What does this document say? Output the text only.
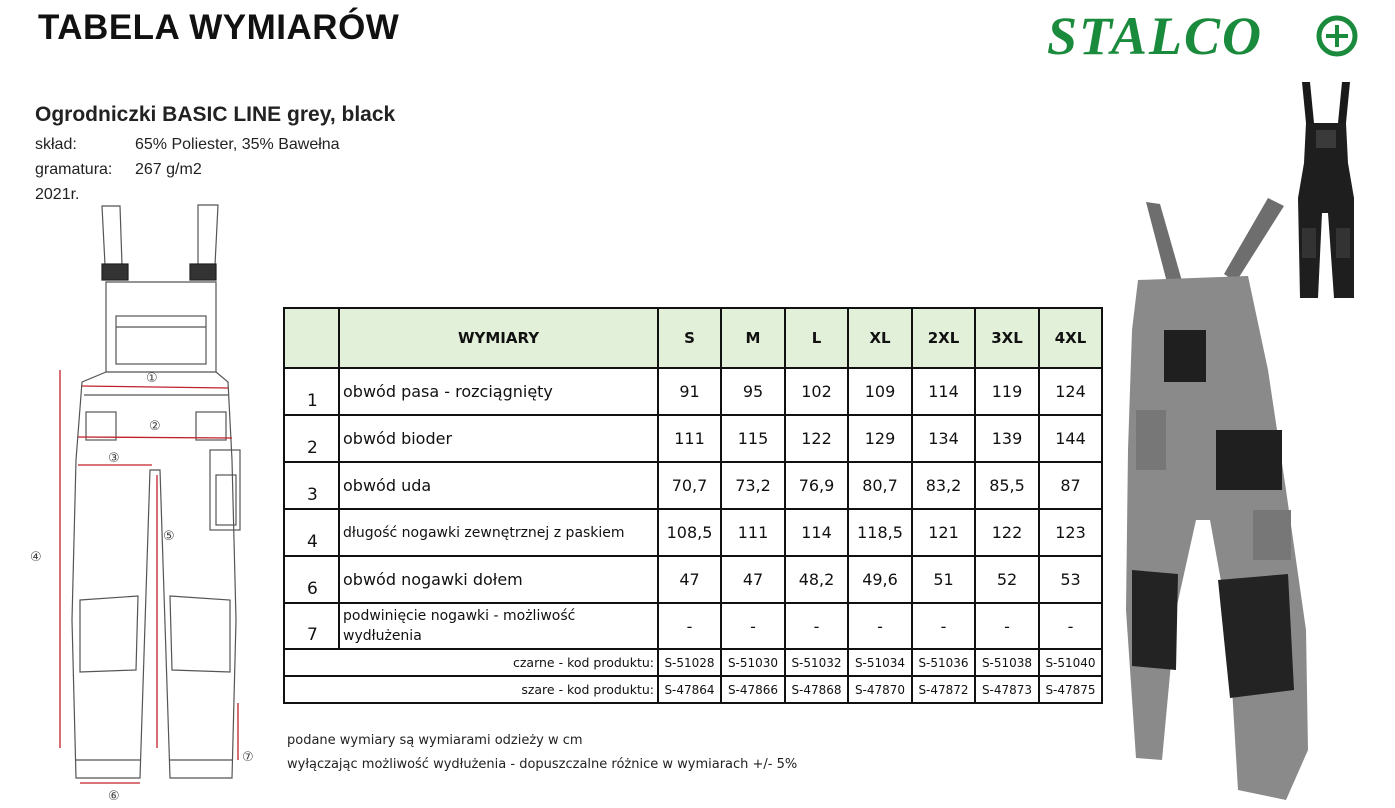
TABELA WYMIARÓW	STALCO
Ogrodniczki BASIC LINE grey, black
skład:	65% Poliester, 35% Bawełna
gramatura: 267 g/m2
2021r.
①
②
③
④
⑤
⑥
⑦
	WYMIARY	S	M	L	XL	2XL	3XL	4XL
1	obwód pasa - rozciągnięty	91	95	102	109	114	119	124
2	obwód bioder	111	115	122	129	134	139	144
3	obwód uda	70,7	73,2	76,9	80,7	83,2	85,5	87
4	długość nogawki zewnętrznej z paskiem	108,5	111	114	118,5	121	122	123
6	obwód nogawki dołem	47	47	48,2	49,6	51	52	53
7	podwinięcie nogawki - możliwość wydłużenia	-	-	-	-	-	-	-
czarne - kod produktu:		S-51028	S-51030	S-51032	S-51034	S-51036	S-51038	S-51040
szare - kod produktu:		S-47864	S-47866	S-47868	S-47870	S-47872	S-47873	S-47875
podane wymiary są wymiarami odzieży w cm
wyłączając możliwość wydłużenia - dopuszczalne różnice w wymiarach +/- 5%
